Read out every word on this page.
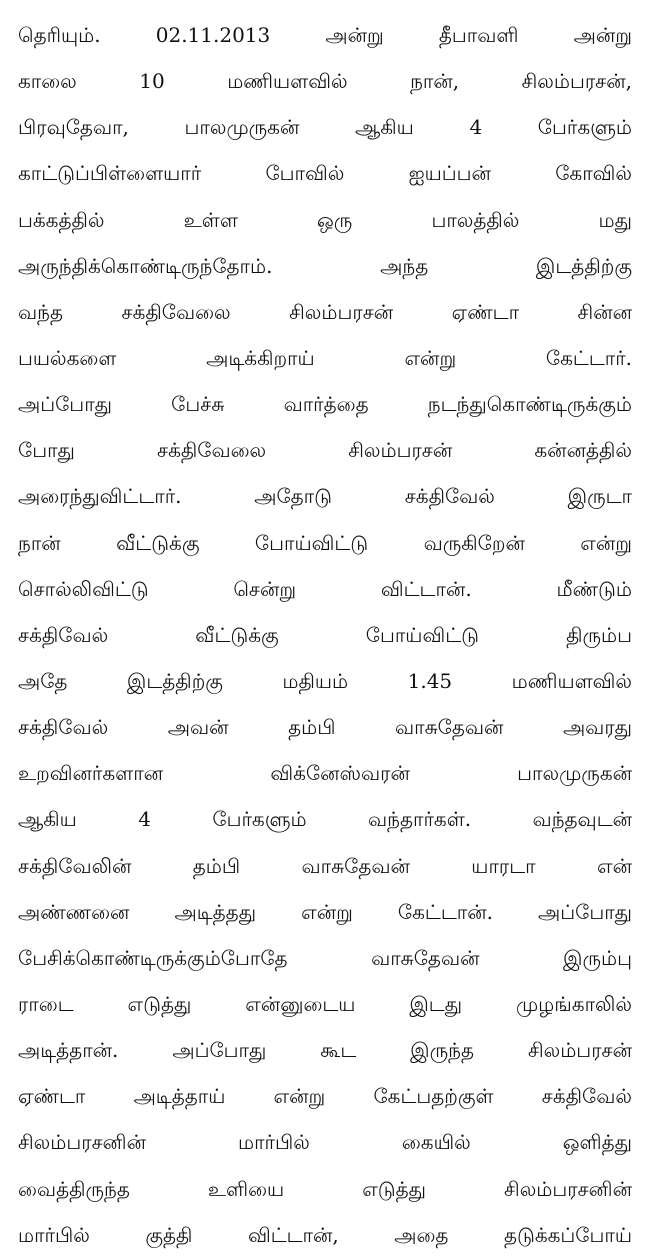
தெரியும். 02.11.2013 அன்று தீபாவளி அன்று
காலை 10 மணியளவில் நான், சிலம்பரசன்,
பிரவுதேவா, பாலமுருகன் ஆகிய 4 பேர்களும்
காட்டுப்பிள்ளையார் போவில் ஐயப்பன் கோவில்
பக்கத்தில் உள்ள ஒரு பாலத்தில் மது
அருந்திக்கொண்டிருந்தோம். அந்த இடத்திற்கு
வந்த சக்திவேலை சிலம்பரசன் ஏண்டா சின்ன
பயல்களை அடிக்கிறாய் என்று கேட்டார்.
அப்போது பேச்சு வார்த்தை நடந்துகொண்டிருக்கும்
போது சக்திவேலை சிலம்பரசன் கன்னத்தில்
அரைந்துவிட்டார். அதோடு சக்திவேல் இருடா
நான் வீட்டுக்கு போய்விட்டு வருகிறேன் என்று
சொல்லிவிட்டு சென்று விட்டான். மீண்டும்
சக்திவேல் வீட்டுக்கு போய்விட்டு திரும்ப
அதே இடத்திற்கு மதியம் 1.45 மணியளவில்
சக்திவேல் அவன் தம்பி வாசுதேவன் அவரது
உறவினர்களான விக்னேஸ்வரன் பாலமுருகன்
ஆகிய 4 பேர்களும் வந்தார்கள். வந்தவுடன்
சக்திவேலின் தம்பி வாசுதேவன் யாரடா என்
அண்ணனை அடித்தது என்று கேட்டான். அப்போது
பேசிக்கொண்டிருக்கும்போதே வாசுதேவன் இரும்பு
ராடை எடுத்து என்னுடைய இடது முழங்காலில்
அடித்தான். அப்போது கூட இருந்த சிலம்பரசன்
ஏண்டா அடித்தாய் என்று கேட்பதற்குள் சக்திவேல்
சிலம்பரசனின் மார்பில் கையில் ஒளித்து
வைத்திருந்த உளியை எடுத்து சிலம்பரசனின்
மார்பில் குத்தி விட்டான், அதை தடுக்கப்போய்
